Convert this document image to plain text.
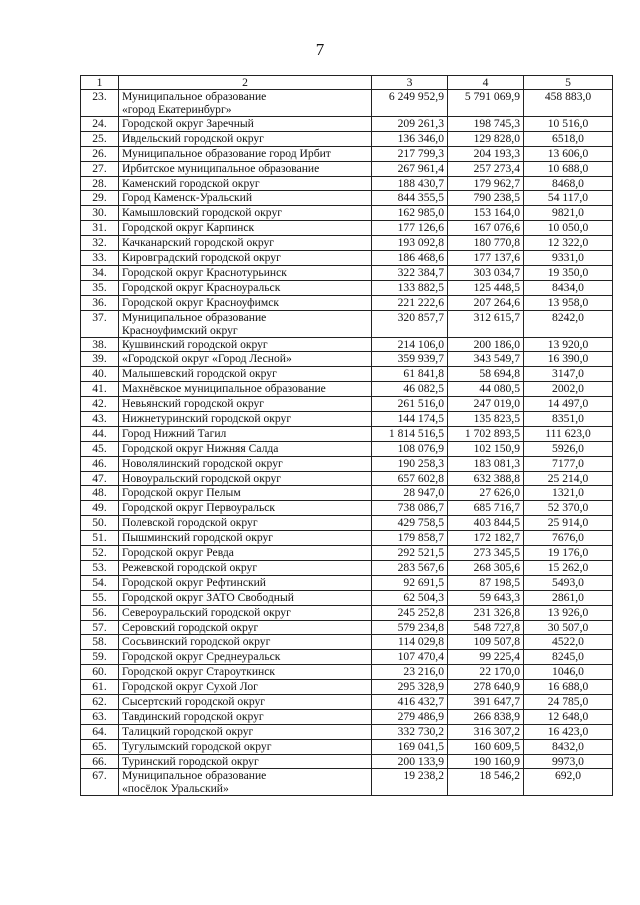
7
1	2	3	4	5
23.	Муниципальное образование
«город Екатеринбург»	6 249 952,9	5 791 069,9	458 883,0
24.	Городской округ Заречный	209 261,3	198 745,3	10 516,0
25.	Ивдельский городской округ	136 346,0	129 828,0	6518,0
26.	Муниципальное образование город Ирбит	217 799,3	204 193,3	13 606,0
27.	Ирбитское муниципальное образование	267 961,4	257 273,4	10 688,0
28.	Каменский городской округ	188 430,7	179 962,7	8468,0
29.	Город Каменск-Уральский	844 355,5	790 238,5	54 117,0
30.	Камышловский городской округ	162 985,0	153 164,0	9821,0
31.	Городской округ Карпинск	177 126,6	167 076,6	10 050,0
32.	Качканарский городской округ	193 092,8	180 770,8	12 322,0
33.	Кировградский городской округ	186 468,6	177 137,6	9331,0
34.	Городской округ Краснотурьинск	322 384,7	303 034,7	19 350,0
35.	Городской округ Красноуральск	133 882,5	125 448,5	8434,0
36.	Городской округ Красноуфимск	221 222,6	207 264,6	13 958,0
37.	Муниципальное образование
Красноуфимский округ	320 857,7	312 615,7	8242,0
38.	Кушвинский городской округ	214 106,0	200 186,0	13 920,0
39.	«Городской округ «Город Лесной»	359 939,7	343 549,7	16 390,0
40.	Малышевский городской округ	61 841,8	58 694,8	3147,0
41.	Махнёвское муниципальное образование	46 082,5	44 080,5	2002,0
42.	Невьянский городской округ	261 516,0	247 019,0	14 497,0
43.	Нижнетуринский городской округ	144 174,5	135 823,5	8351,0
44.	Город Нижний Тагил	1 814 516,5	1 702 893,5	111 623,0
45.	Городской округ Нижняя Салда	108 076,9	102 150,9	5926,0
46.	Новолялинский городской округ	190 258,3	183 081,3	7177,0
47.	Новоуральский городской округ	657 602,8	632 388,8	25 214,0
48.	Городской округ Пелым	28 947,0	27 626,0	1321,0
49.	Городской округ Первоуральск	738 086,7	685 716,7	52 370,0
50.	Полевской городской округ	429 758,5	403 844,5	25 914,0
51.	Пышминский городской округ	179 858,7	172 182,7	7676,0
52.	Городской округ Ревда	292 521,5	273 345,5	19 176,0
53.	Режевской городской округ	283 567,6	268 305,6	15 262,0
54.	Городской округ Рефтинский	92 691,5	87 198,5	5493,0
55.	Городской округ ЗАТО Свободный	62 504,3	59 643,3	2861,0
56.	Североуральский городской округ	245 252,8	231 326,8	13 926,0
57.	Серовский городской округ	579 234,8	548 727,8	30 507,0
58.	Сосьвинский городской округ	114 029,8	109 507,8	4522,0
59.	Городской округ Среднеуральск	107 470,4	99 225,4	8245,0
60.	Городской округ Староуткинск	23 216,0	22 170,0	1046,0
61.	Городской округ Сухой Лог	295 328,9	278 640,9	16 688,0
62.	Сысертский городской округ	416 432,7	391 647,7	24 785,0
63.	Тавдинский городской округ	279 486,9	266 838,9	12 648,0
64.	Талицкий городской округ	332 730,2	316 307,2	16 423,0
65.	Тугулымский городской округ	169 041,5	160 609,5	8432,0
66.	Туринский городской округ	200 133,9	190 160,9	9973,0
67.	Муниципальное образование
«посёлок Уральский»	19 238,2	18 546,2	692,0
